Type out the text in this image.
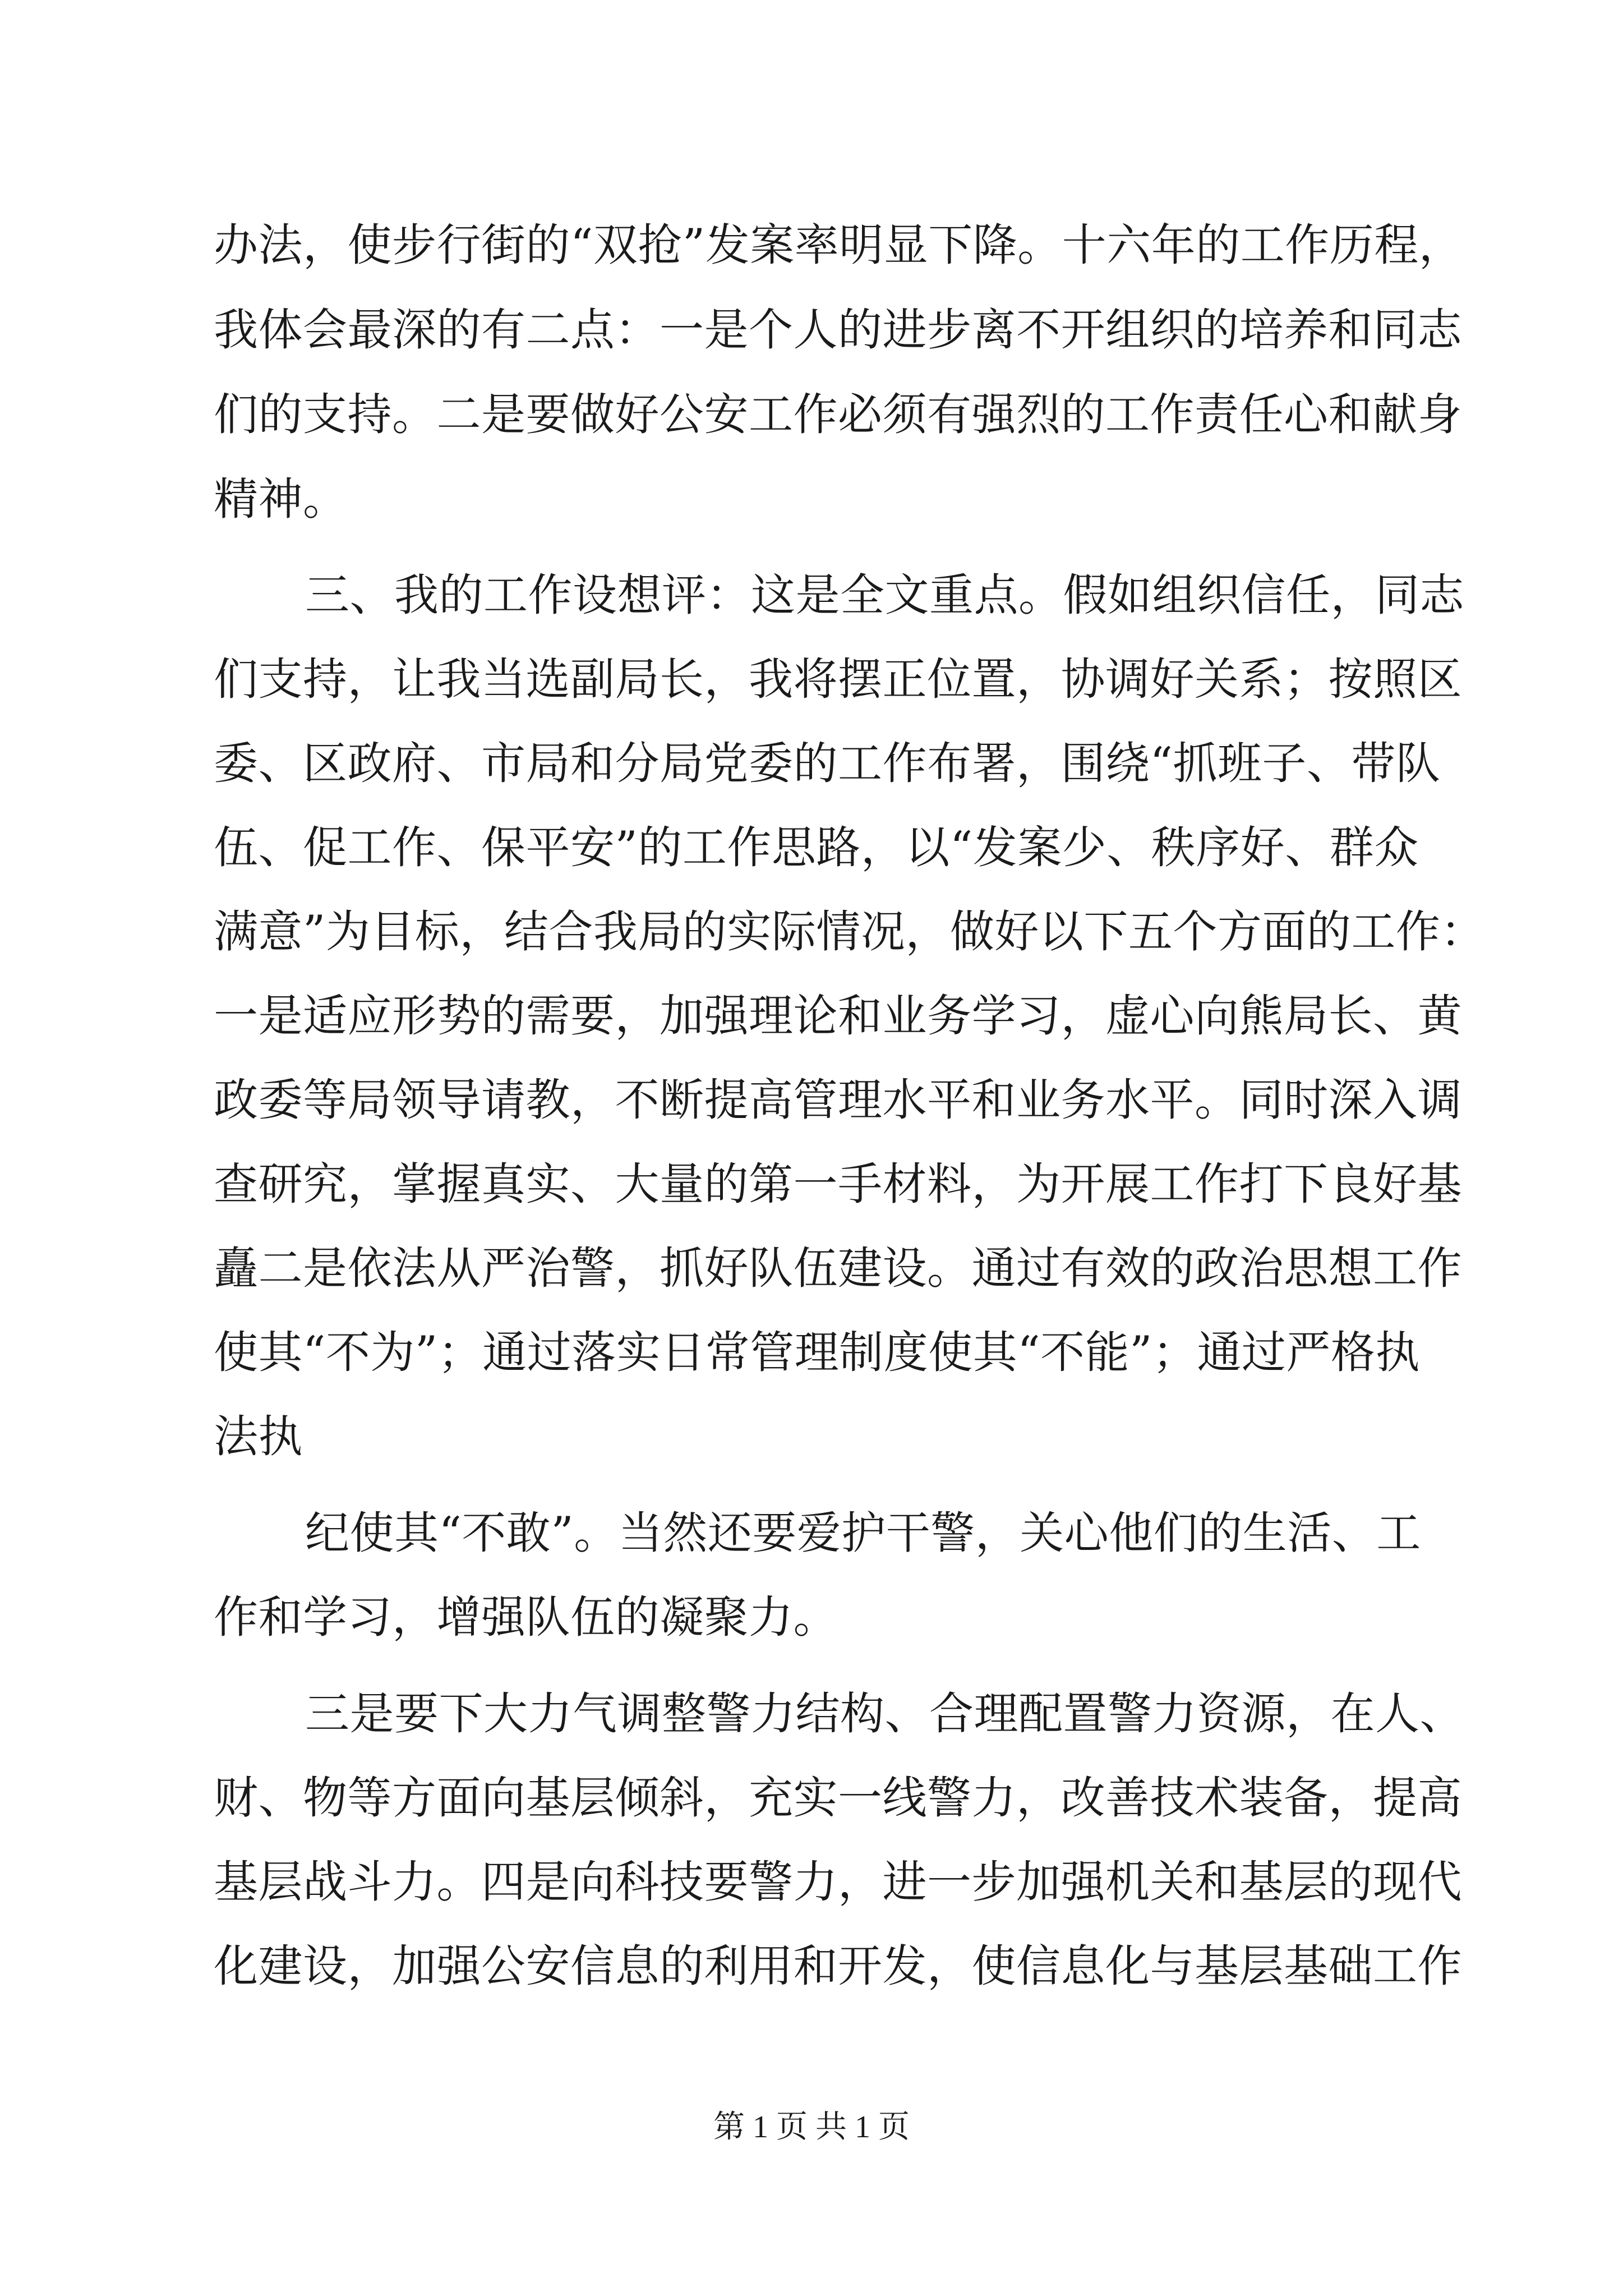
办法，使步行街的“双抢”发案率明显下降。十六年的工作历程，
我体会最深的有二点：一是个人的进步离不开组织的培养和同志
们的支持。二是要做好公安工作必须有强烈的工作责任心和献身
精神。
三、我的工作设想评：这是全文重点。假如组织信任，同志
们支持，让我当选副局长，我将摆正位置，协调好关系；按照区
委、区政府、市局和分局党委的工作布署，围绕“抓班子、带队
伍、促工作、保平安”的工作思路，以“发案少、秩序好、群众
满意”为目标，结合我局的实际情况，做好以下五个方面的工作：
一是适应形势的需要，加强理论和业务学习，虚心向熊局长、黄
政委等局领导请教，不断提高管理水平和业务水平。同时深入调
查研究，掌握真实、大量的第一手材料，为开展工作打下良好基
矗二是依法从严治警，抓好队伍建设。通过有效的政治思想工作
使其“不为”；通过落实日常管理制度使其“不能”；通过严格执
法执
纪使其“不敢”。当然还要爱护干警，关心他们的生活、工
作和学习，增强队伍的凝聚力。
三是要下大力气调整警力结构、合理配置警力资源，在人、
财、物等方面向基层倾斜，充实一线警力，改善技术装备，提高
基层战斗力。四是向科技要警力，进一步加强机关和基层的现代
化建设，加强公安信息的利用和开发，使信息化与基层基础工作
第 1 页 共 1 页
